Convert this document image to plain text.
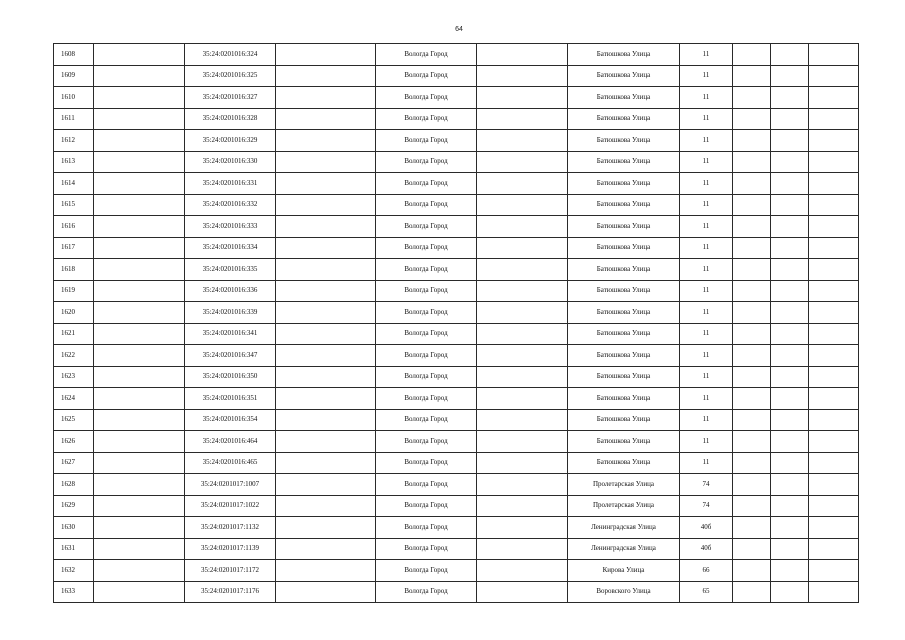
64
1608		35:24:0201016:324		Вологда Город		Батюшкова Улица	11			
1609		35:24:0201016:325		Вологда Город		Батюшкова Улица	11			
1610		35:24:0201016:327		Вологда Город		Батюшкова Улица	11			
1611		35:24:0201016:328		Вологда Город		Батюшкова Улица	11			
1612		35:24:0201016:329		Вологда Город		Батюшкова Улица	11			
1613		35:24:0201016:330		Вологда Город		Батюшкова Улица	11			
1614		35:24:0201016:331		Вологда Город		Батюшкова Улица	11			
1615		35:24:0201016:332		Вологда Город		Батюшкова Улица	11			
1616		35:24:0201016:333		Вологда Город		Батюшкова Улица	11			
1617		35:24:0201016:334		Вологда Город		Батюшкова Улица	11			
1618		35:24:0201016:335		Вологда Город		Батюшкова Улица	11			
1619		35:24:0201016:336		Вологда Город		Батюшкова Улица	11			
1620		35:24:0201016:339		Вологда Город		Батюшкова Улица	11			
1621		35:24:0201016:341		Вологда Город		Батюшкова Улица	11			
1622		35:24:0201016:347		Вологда Город		Батюшкова Улица	11			
1623		35:24:0201016:350		Вологда Город		Батюшкова Улица	11			
1624		35:24:0201016:351		Вологда Город		Батюшкова Улица	11			
1625		35:24:0201016:354		Вологда Город		Батюшкова Улица	11			
1626		35:24:0201016:464		Вологда Город		Батюшкова Улица	11			
1627		35:24:0201016:465		Вологда Город		Батюшкова Улица	11			
1628		35:24:0201017:1007		Вологда Город		Пролетарская Улица	74			
1629		35:24:0201017:1022		Вологда Город		Пролетарская Улица	74			
1630		35:24:0201017:1132		Вологда Город		Ленинградская Улица	40б			
1631		35:24:0201017:1139		Вологда Город		Ленинградская Улица	40б			
1632		35:24:0201017:1172		Вологда Город		Кирова Улица	66			
1633		35:24:0201017:1176		Вологда Город		Воровского Улица	65			
